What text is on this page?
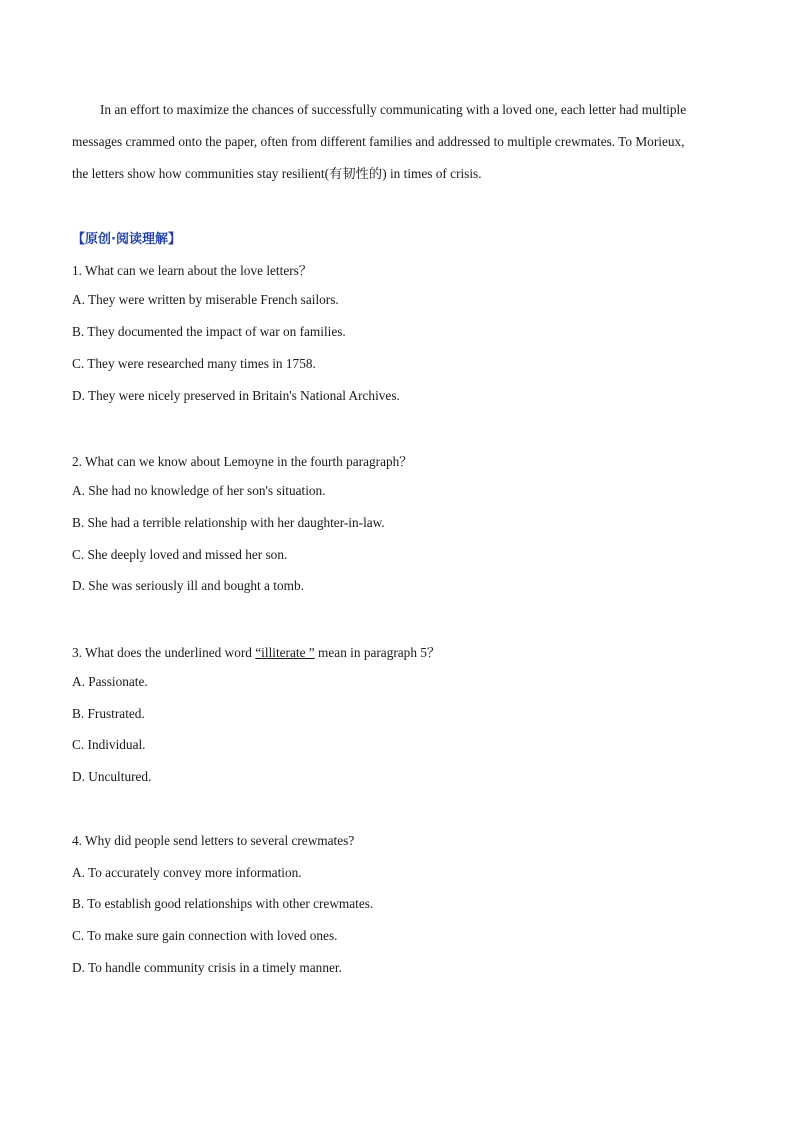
In an effort to maximize the chances of successfully communicating with a loved one, each letter had multiple

messages crammed onto the paper, often from different families and addressed to multiple crewmates. To Morieux,

the letters show how communities stay resilient(有韧性的) in times of crisis.

【原创·阅读理解】

1. What can we learn about the love letters？

A. They were written by miserable French sailors.

B. They documented the impact of war on families.

C. They were researched many times in 1758.

D. They were nicely preserved in Britain's National Archives.

2. What can we know about Lemoyne in the fourth paragraph？

A. She had no knowledge of her son's situation.

B. She had a terrible relationship with her daughter-in-law.

C. She deeply loved and missed her son.

D. She was seriously ill and bought a tomb.

3. What does the underlined word “illiterate ” mean in paragraph 5？

A. Passionate.

B. Frustrated.

C. Individual.

D. Uncultured.

4. Why did people send letters to several crewmates?

A. To accurately convey more information.

B. To establish good relationships with other crewmates.

C. To make sure gain connection with loved ones.

D. To handle community crisis in a timely manner.
